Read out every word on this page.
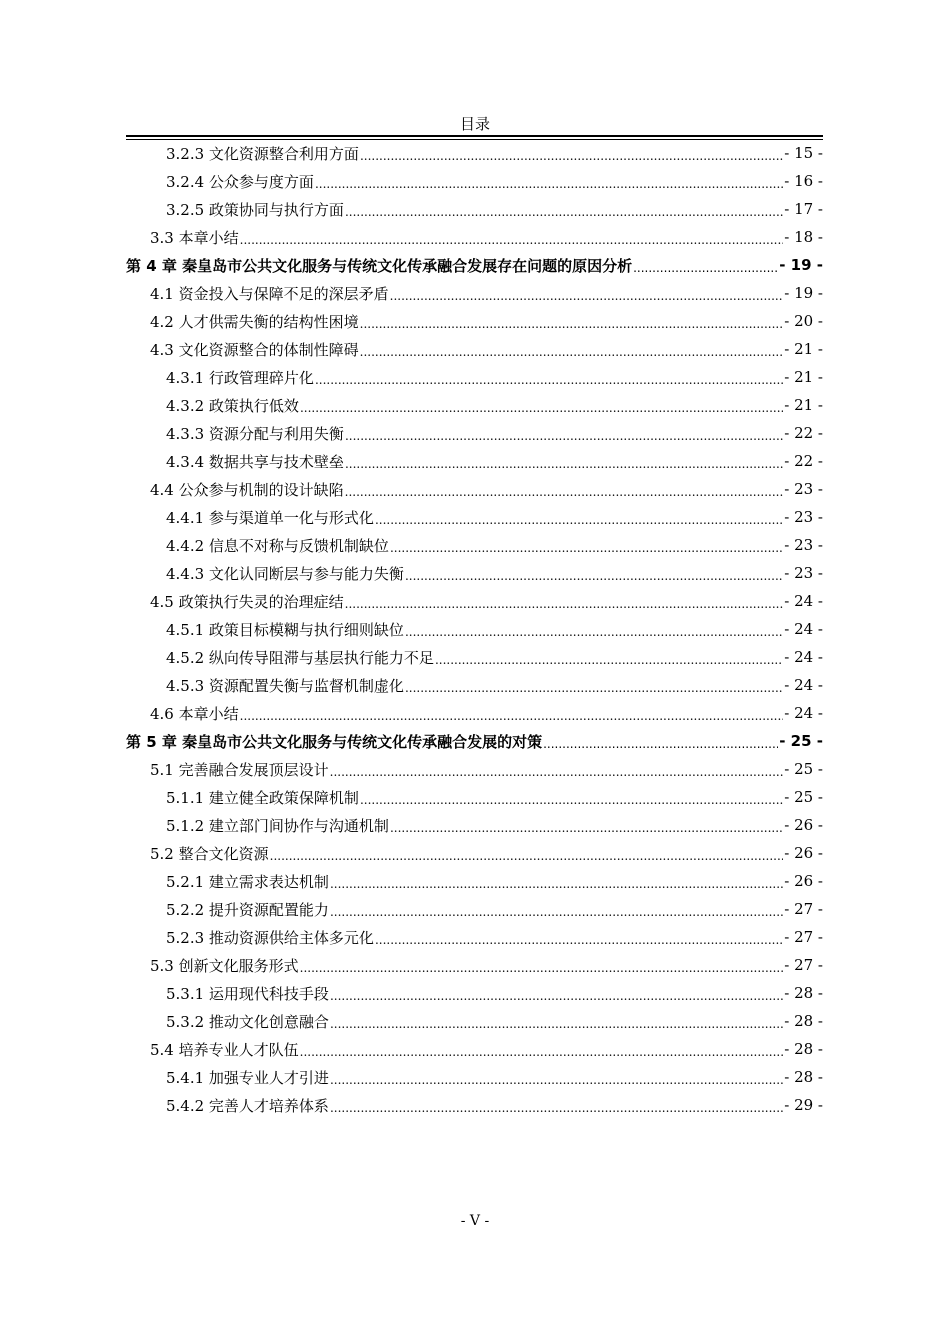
目录
3.2.3 文化资源整合利用方面 .....	- 15 -
3.2.4 公众参与度方面 .....	- 16 -
3.2.5 政策协同与执行方面 .....	- 17 -
3.3 本章小结 .....	- 18 -
第 4 章 秦皇岛市公共文化服务与传统文化传承融合发展存在问题的原因分析 .....	- 19 -
4.1 资金投入与保障不足的深层矛盾 .....	- 19 -
4.2 人才供需失衡的结构性困境 .....	- 20 -
4.3 文化资源整合的体制性障碍 .....	- 21 -
4.3.1 行政管理碎片化 .....	- 21 -
4.3.2 政策执行低效 .....	- 21 -
4.3.3 资源分配与利用失衡 .....	- 22 -
4.3.4 数据共享与技术壁垒 .....	- 22 -
4.4 公众参与机制的设计缺陷 .....	- 23 -
4.4.1 参与渠道单一化与形式化 .....	- 23 -
4.4.2 信息不对称与反馈机制缺位 .....	- 23 -
4.4.3 文化认同断层与参与能力失衡 .....	- 23 -
4.5 政策执行失灵的治理症结 .....	- 24 -
4.5.1 政策目标模糊与执行细则缺位 .....	- 24 -
4.5.2 纵向传导阻滞与基层执行能力不足 .....	- 24 -
4.5.3 资源配置失衡与监督机制虚化 .....	- 24 -
4.6 本章小结 .....	- 24 -
第 5 章 秦皇岛市公共文化服务与传统文化传承融合发展的对策 .....	- 25 -
5.1 完善融合发展顶层设计 .....	- 25 -
5.1.1 建立健全政策保障机制 .....	- 25 -
5.1.2 建立部门间协作与沟通机制 .....	- 26 -
5.2 整合文化资源 .....	- 26 -
5.2.1 建立需求表达机制 .....	- 26 -
5.2.2 提升资源配置能力 .....	- 27 -
5.2.3 推动资源供给主体多元化 .....	- 27 -
5.3 创新文化服务形式 .....	- 27 -
5.3.1 运用现代科技手段 .....	- 28 -
5.3.2 推动文化创意融合 .....	- 28 -
5.4 培养专业人才队伍 .....	- 28 -
5.4.1 加强专业人才引进 .....	- 28 -
5.4.2 完善人才培养体系 .....	- 29 -
- V -
